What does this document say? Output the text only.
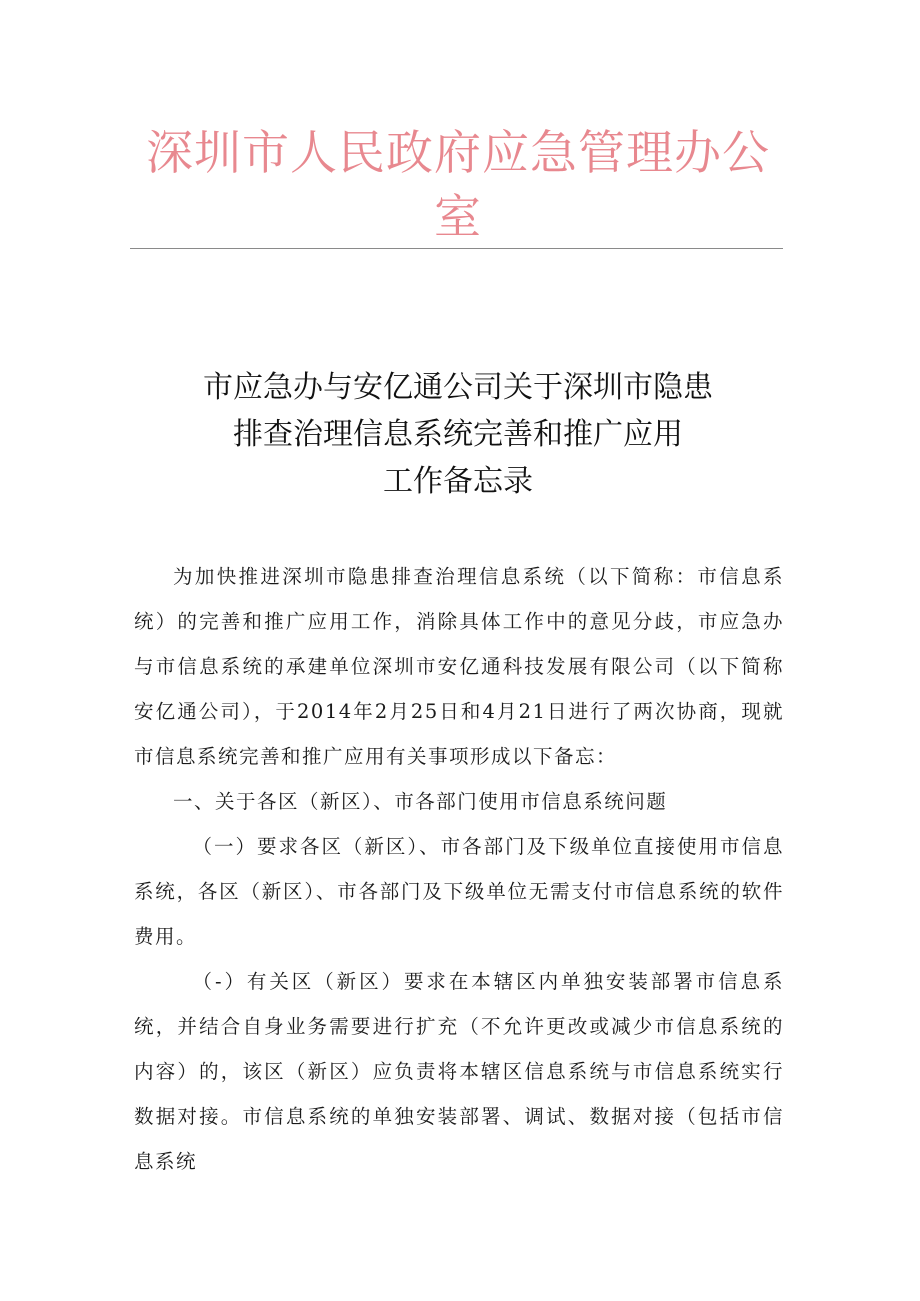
深圳市人民政府应急管理办公室
市应急办与安亿通公司关于深圳市隐患
排查治理信息系统完善和推广应用
工作备忘录

为加快推进深圳市隐患排查治理信息系统（以下简称：市信息系统）的完善和推广应用工作，消除具体工作中的意见分歧，市应急办与市信息系统的承建单位深圳市安亿通科技发展有限公司（以下简称安亿通公司），于2014年2月25日和4月21日进行了两次协商，现就市信息系统完善和推广应用有关事项形成以下备忘：

一、关于各区（新区）、市各部门使用市信息系统问题

（一）要求各区（新区）、市各部门及下级单位直接使用市信息系统，各区（新区）、市各部门及下级单位无需支付市信息系统的软件费用。

（-）有关区（新区）要求在本辖区内单独安装部署市信息系统，并结合自身业务需要进行扩充（不允许更改或减少市信息系统的内容）的，该区（新区）应负责将本辖区信息系统与市信息系统实行数据对接。市信息系统的单独安装部署、调试、数据对接（包括市信息系统
